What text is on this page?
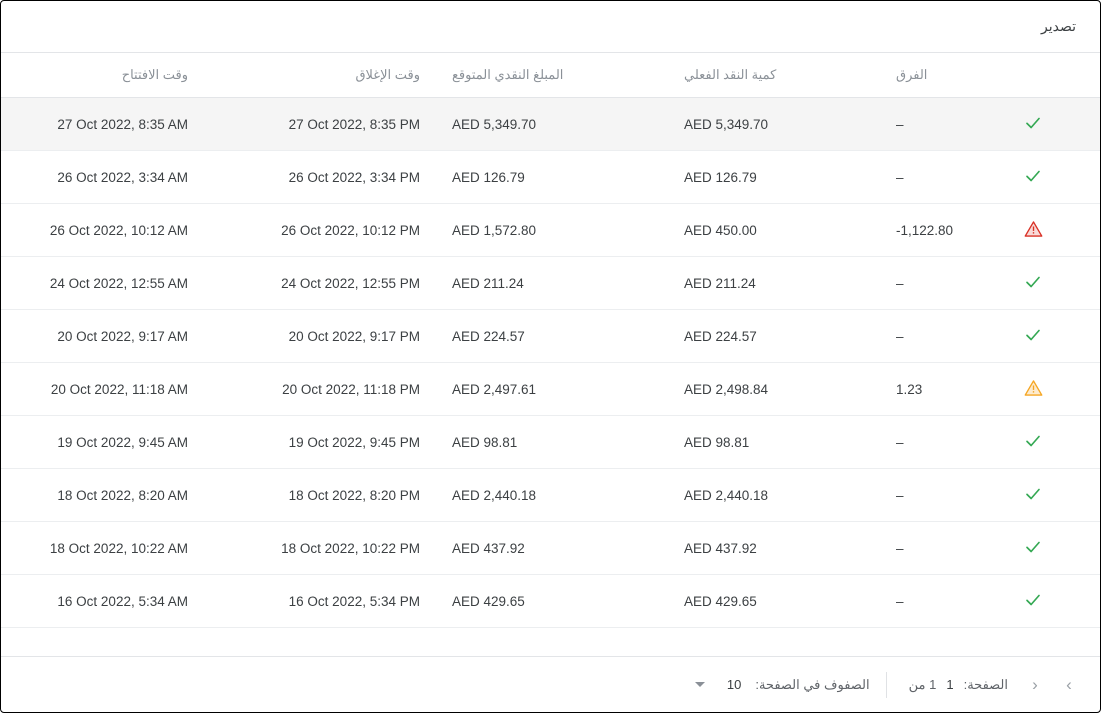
تصدير
	الفرق	كمية النقد الفعلي	المبلغ النقدي المتوقع	وقت الإغلاق	وقت الافتتاح	
	–	AED 5,349.70	AED 5,349.70	27 Oct 2022, 8:35 PM	27 Oct 2022, 8:35 AM	
	–	AED 126.79	AED 126.79	26 Oct 2022, 3:34 PM	26 Oct 2022, 3:34 AM	
	-1,122.80	AED 450.00	AED 1,572.80	26 Oct 2022, 10:12 PM	26 Oct 2022, 10:12 AM	
	–	AED 211.24	AED 211.24	24 Oct 2022, 12:55 PM	24 Oct 2022, 12:55 AM	
	–	AED 224.57	AED 224.57	20 Oct 2022, 9:17 PM	20 Oct 2022, 9:17 AM	
	1.23	AED 2,498.84	AED 2,497.61	20 Oct 2022, 11:18 PM	20 Oct 2022, 11:18 AM	
	–	AED 98.81	AED 98.81	19 Oct 2022, 9:45 PM	19 Oct 2022, 9:45 AM	
	–	AED 2,440.18	AED 2,440.18	18 Oct 2022, 8:20 PM	18 Oct 2022, 8:20 AM	
	–	AED 437.92	AED 437.92	18 Oct 2022, 10:22 PM	18 Oct 2022, 10:22 AM	
	–	AED 429.65	AED 429.65	16 Oct 2022, 5:34 PM	16 Oct 2022, 5:34 AM	
›
‹
الصفحة:
1
1 من
الصفوف في الصفحة:
10
